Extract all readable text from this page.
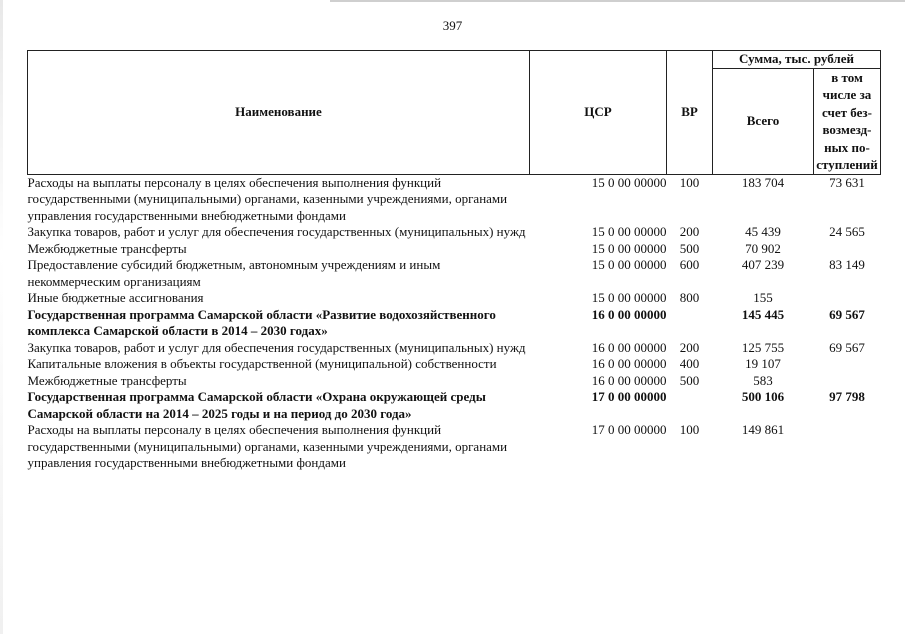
397
Наименование	ЦСР	ВР	Сумма, тыс. рублей	
			Всего	в том числе за счет без-возмезд-ных по-ступлений
Расходы на выплаты персоналу в целях обеспечения выполнения функций государственными (муниципальными) органами, казенными учреждениями, органами управления государственными внебюджетными фондами	15 0 00 00000	100	183 704	73 631
Закупка товаров, работ и услуг для обеспечения государственных (муниципальных) нужд	15 0 00 00000	200	45 439	24 565
Межбюджетные трансферты	15 0 00 00000	500	70 902	
Предоставление субсидий бюджетным, автономным учреждениям и иным некоммерческим организациям	15 0 00 00000	600	407 239	83 149
Иные бюджетные ассигнования	15 0 00 00000	800	155	
Государственная программа Самарской области «Развитие водохозяйственного комплекса Самарской области в 2014 – 2030 годах»	16 0 00 00000		145 445	69 567
Закупка товаров, работ и услуг для обеспечения государственных (муниципальных) нужд	16 0 00 00000	200	125 755	69 567
Капитальные вложения в объекты государственной (муниципальной) собственности	16 0 00 00000	400	19 107	
Межбюджетные трансферты	16 0 00 00000	500	583	
Государственная программа Самарской области «Охрана окружающей среды Самарской области на 2014 – 2025 годы и на период до 2030 года»	17 0 00 00000		500 106	97 798
Расходы на выплаты персоналу в целях обеспечения выполнения функций государственными (муниципальными) органами, казенными учреждениями, органами управления государственными внебюджетными фондами	17 0 00 00000	100	149 861	
